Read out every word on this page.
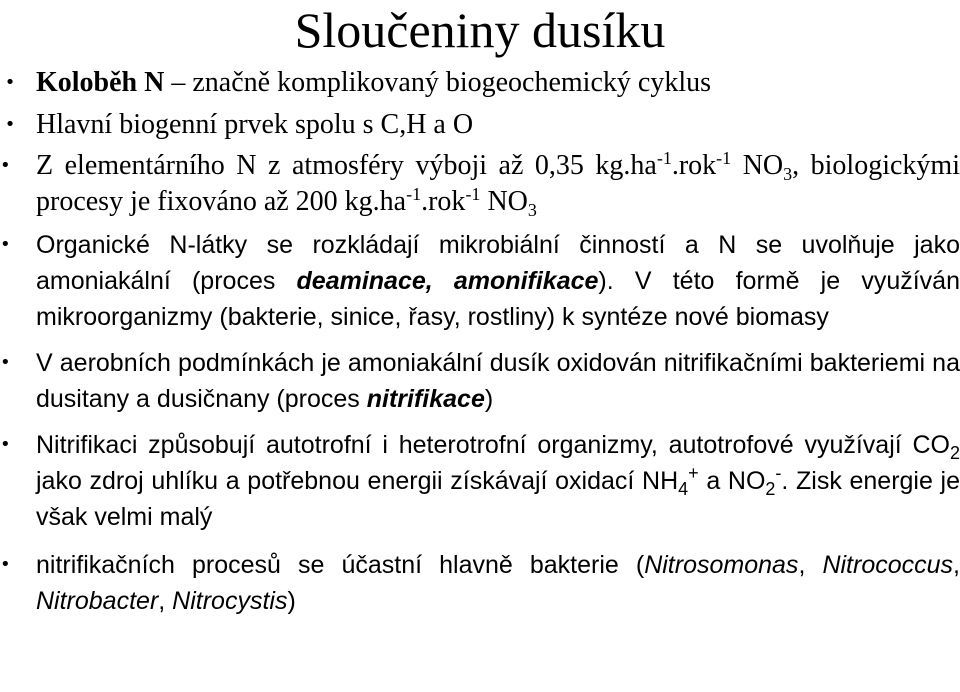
Sloučeniny dusíku
• Koloběh N – značně komplikovaný biogeochemický cyklus
• Hlavní biogenní prvek spolu s C,H a O
• Z elementárního N z atmosféry výboji až 0,35 $kg.ha^{-1}.rok^{-1}$ $NO_3$, biologickými procesy je fixováno až 200 $kg.ha^{-1}.rok^{-1}$ $NO_3$
•	Organické N-látky se rozkládají mikrobiální činností a N se uvolňuje jako amoniakální (proces deaminace, amonifikace). V této formě je využíván mikroorganizmy (bakterie, sinice, řasy, rostliny) k syntéze nové biomasy
•	V aerobních podmínkách je amoniakální dusík oxidován nitrifikačními bakteriemi na dusitany a dusičnany (proces nitrifikace)
•	Nitrifikaci způsobují autotrofní i heterotrofní organizmy, autotrofové využívají $CO_2$ jako zdroj uhlíku a potřebnou energii získávají oxidací $NH_4^+$ a $NO_2^-$. Zisk energie je však velmi malý
•	nitrifikačních procesů se účastní hlavně bakterie (Nitrosomonas, Nitrococcus, Nitrobacter, Nitrocystis)
